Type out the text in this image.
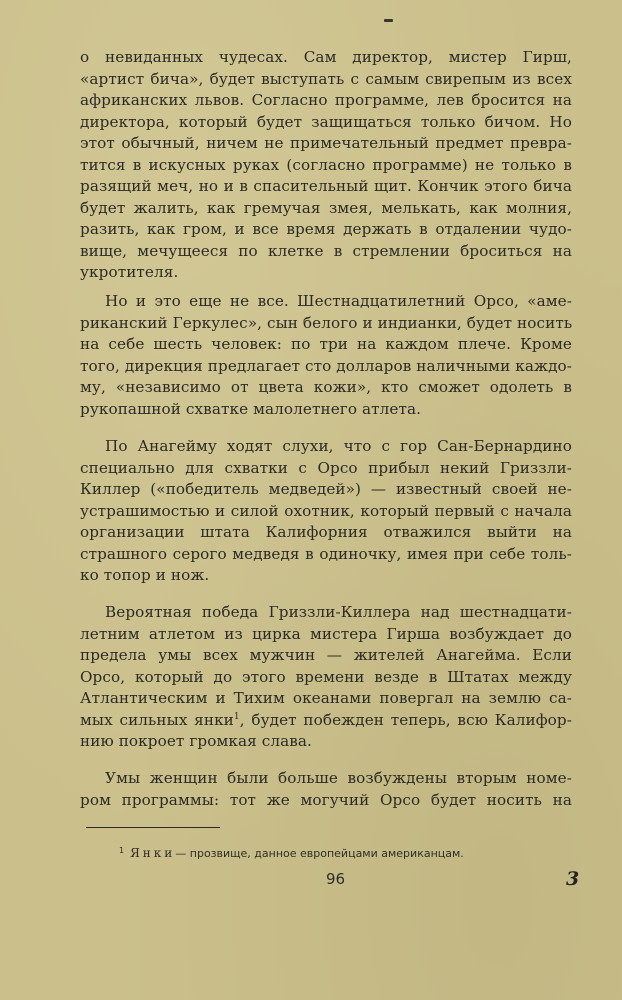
о невиданных чудесах. Сам директор, мистер Гирш,
«артист бича», будет выступать с самым свирепым из всех
африканских львов. Согласно программе, лев бросится на
директора, который будет защищаться только бичом. Но
этот обычный, ничем не примечательный предмет превра-
тится в искусных руках (согласно программе) не только в
разящий меч, но и в спасительный щит. Кончик этого бича
будет жалить, как гремучая змея, мелькать, как молния,
разить, как гром, и все время держать в отдалении чудо-
вище, мечущееся по клетке в стремлении броситься на
укротителя.
Но и это еще не все. Шестнадцатилетний Орсо, «аме-
риканский Геркулес», сын белого и индианки, будет носить
на себе шесть человек: по три на каждом плече. Кроме
того, дирекция предлагает сто долларов наличными каждо-
му, «независимо от цвета кожи», кто сможет одолеть в
рукопашной схватке малолетнего атлета.
По Анагейму ходят слухи, что с гор Сан-Бернардино
специально для схватки с Орсо прибыл некий Гриззли-
Киллер («победитель медведей») — известный своей не-
устрашимостью и силой охотник, который первый с начала
организации штата Калифорния отважился выйти на
страшного серого медведя в одиночку, имея при себе толь-
ко топор и нож.
Вероятная победа Гриззли-Киллера над шестнадцати-
летним атлетом из цирка мистера Гирша возбуждает до
предела умы всех мужчин — жителей Анагейма. Если
Орсо, который до этого времени везде в Штатах между
Атлантическим и Тихим океанами повергал на землю са-
мых сильных янки$^1$, будет побежден теперь, всю Калифор-
нию покроет громкая слава.
Умы женщин были больше возбуждены вторым номе-
ром программы: тот же могучий Орсо будет носить на
$^1$ Янки— прозвище, данное европейцами американцам.
96	3
